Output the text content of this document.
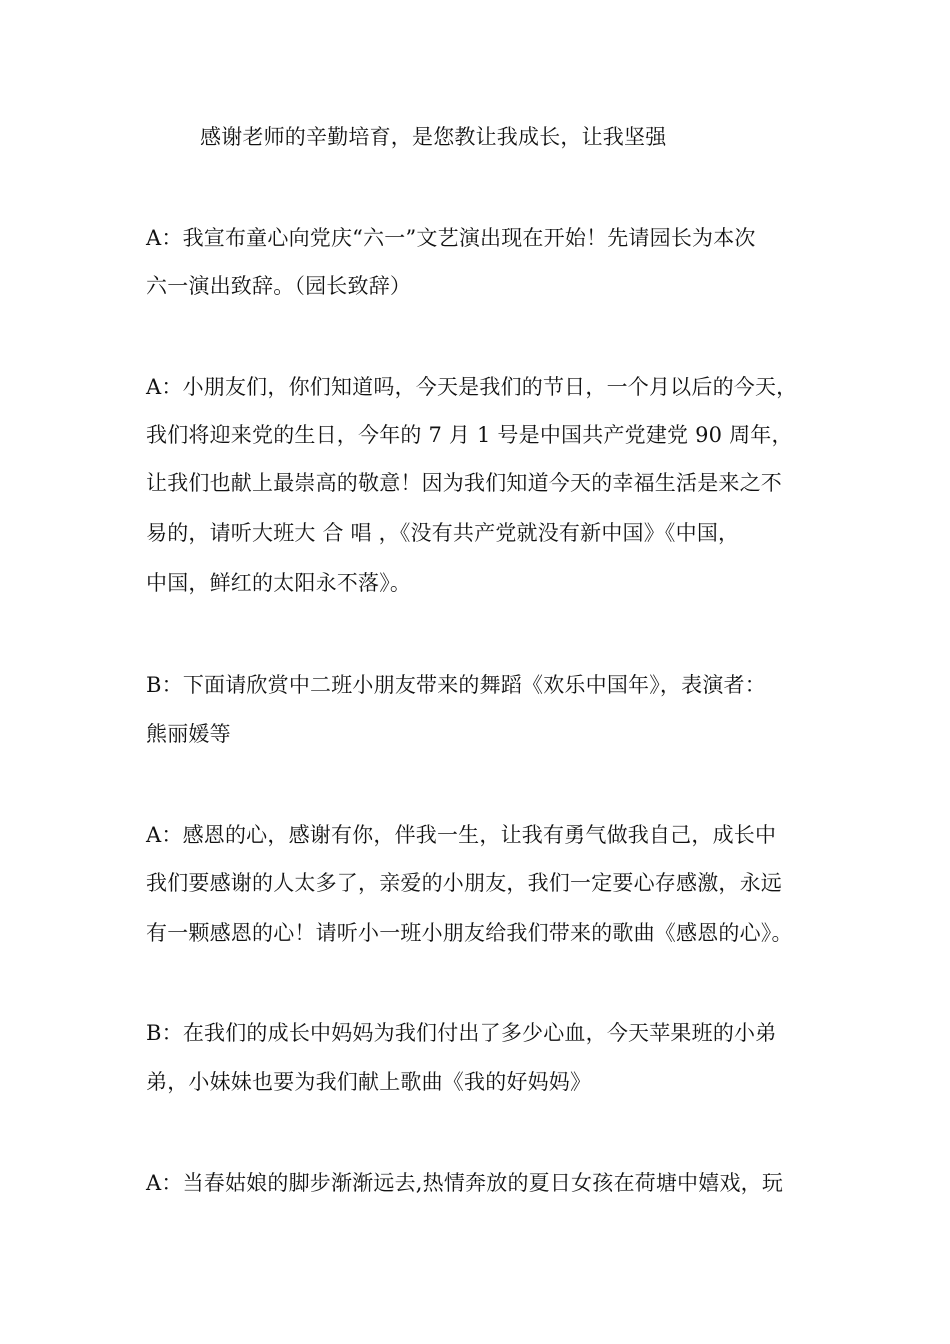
感谢老师的辛勤培育，是您教让我成长，让我坚强
A：我宣布童心向党庆“六一”文艺演出现在开始！先请园长为本次
六一演出致辞。（园长致辞）
A：小朋友们，你们知道吗，今天是我们的节日，一个月以后的今天，
我们将迎来党的生日，今年的 7 月 1 号是中国共产党建党 90 周年，
让我们也献上最崇高的敬意！因为我们知道今天的幸福生活是来之不
易的，请听大班大 合 唱 ，《没有共产党就没有新中国》《中国，
中国，鲜红的太阳永不落》。
B：下面请欣赏中二班小朋友带来的舞蹈《欢乐中国年》，表演者：
熊丽媛等
A：感恩的心，感谢有你，伴我一生，让我有勇气做我自己，成长中
我们要感谢的人太多了，亲爱的小朋友，我们一定要心存感激，永远
有一颗感恩的心！请听小一班小朋友给我们带来的歌曲《感恩的心》。
B：在我们的成长中妈妈为我们付出了多少心血，今天苹果班的小弟
弟，小妹妹也要为我们献上歌曲《我的好妈妈》
A：当春姑娘的脚步渐渐远去,热情奔放的夏日女孩在荷塘中嬉戏，玩
